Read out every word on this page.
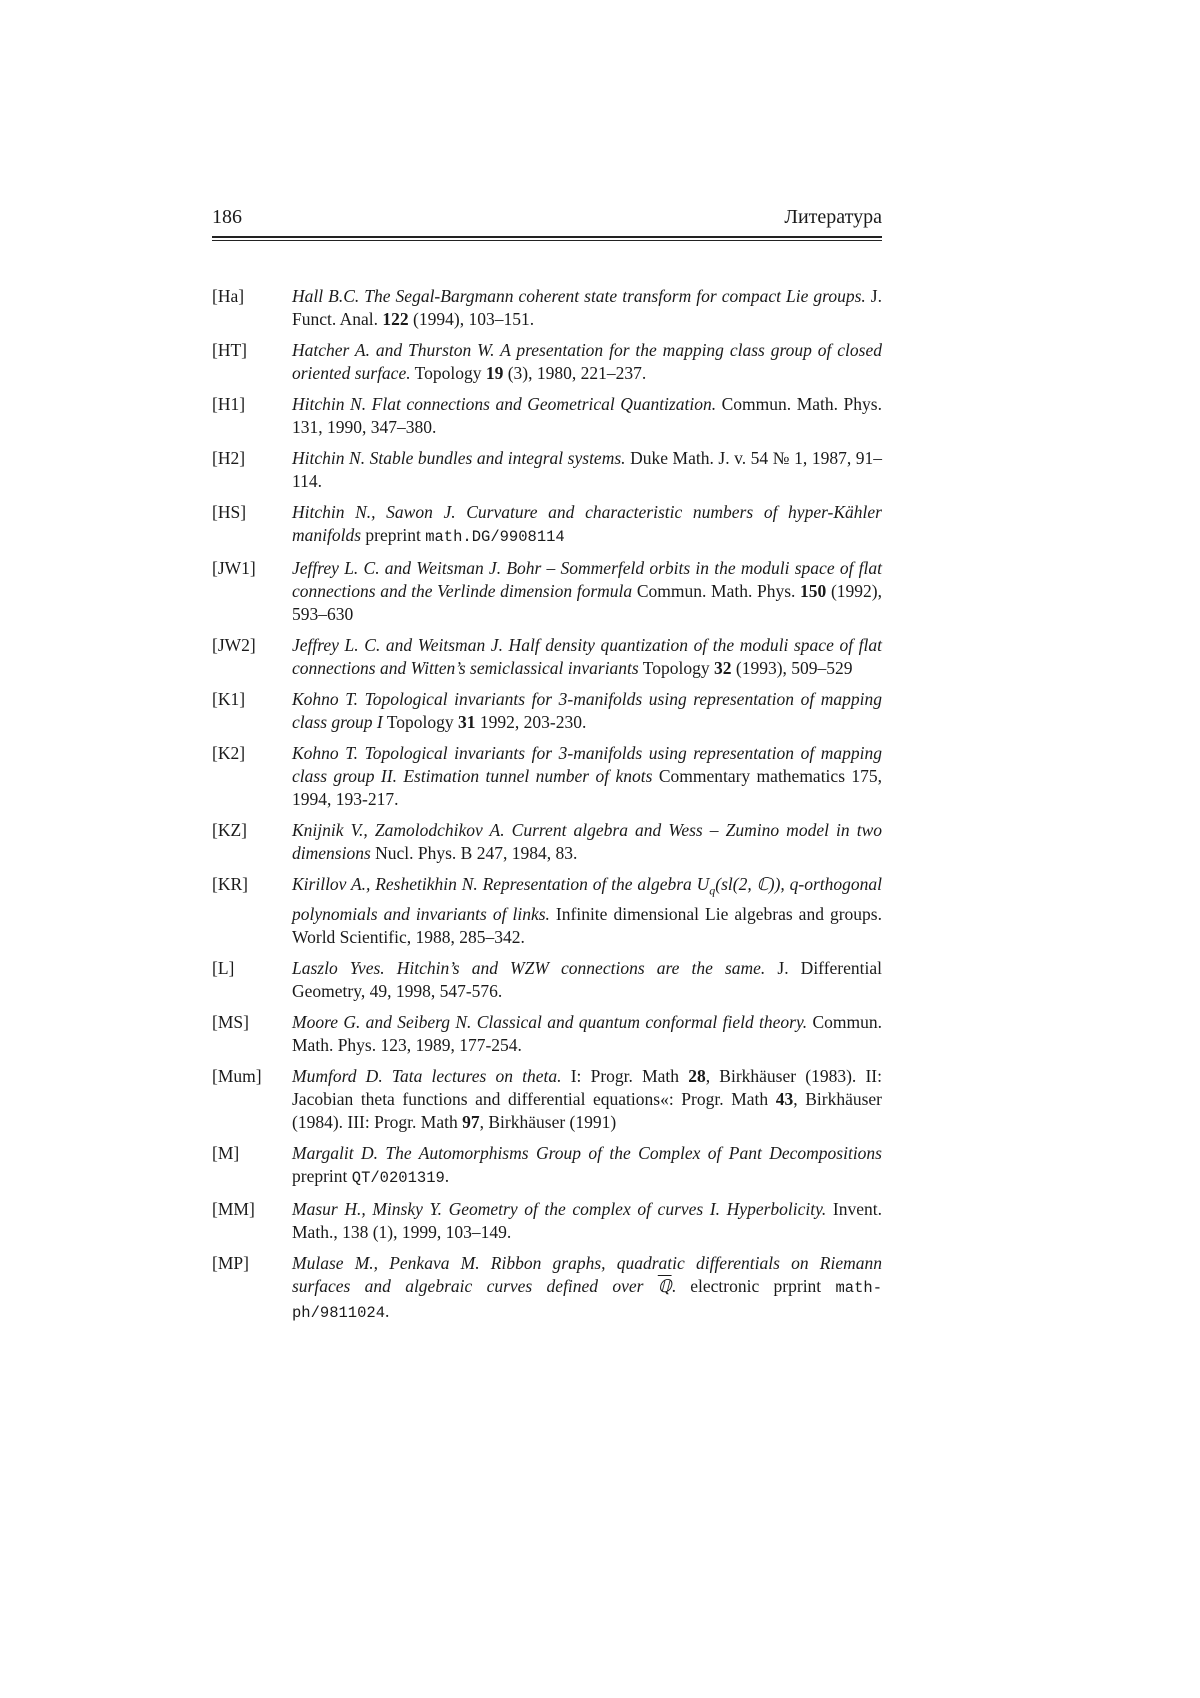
186	Литература
[Ha]	Hall B.C. The Segal-Bargmann coherent state transform for compact Lie groups. J. Funct. Anal. 122 (1994), 103–151.
[HT]	Hatcher A. and Thurston W. A presentation for the mapping class group of closed oriented surface. Topology 19 (3), 1980, 221–237.
[H1]	Hitchin N. Flat connections and Geometrical Quantization. Commun. Math. Phys. 131, 1990, 347–380.
[H2]	Hitchin N. Stable bundles and integral systems. Duke Math. J. v. 54 № 1, 1987, 91–114.
[HS]	Hitchin N., Sawon J. Curvature and characteristic numbers of hyper-Kähler manifolds preprint math.DG/9908114
[JW1]	Jeffrey L. C. and Weitsman J. Bohr – Sommerfeld orbits in the moduli space of flat connections and the Verlinde dimension formula Commun. Math. Phys. 150 (1992), 593–630
[JW2]	Jeffrey L. C. and Weitsman J. Half density quantization of the moduli space of flat connections and Witten’s semiclassical invariants Topology 32 (1993), 509–529
[K1]	Kohno T. Topological invariants for 3-manifolds using representation of mapping class group I Topology 31 1992, 203-230.
[K2]	Kohno T. Topological invariants for 3-manifolds using representation of mapping class group II. Estimation tunnel number of knots Commentary mathematics 175, 1994, 193-217.
[KZ]	Knijnik V., Zamolodchikov A. Current algebra and Wess – Zumino model in two dimensions Nucl. Phys. B 247, 1984, 83.
[KR]	Kirillov A., Reshetikhin N. Representation of the algebra $U_q(sl(2$, ℂ)), q-orthogonal polynomials and invariants of links. Infinite dimensional Lie algebras and groups. World Scientific, 1988, 285–342.
[L]	Laszlo Yves. Hitchin’s and WZW connections are the same. J. Differential Geometry, 49, 1998, 547-576.
[MS]	Moore G. and Seiberg N. Classical and quantum conformal field theory. Commun. Math. Phys. 123, 1989, 177-254.
[Mum]	Mumford D. Tata lectures on theta. I: Progr. Math 28, Birkhäuser (1983). II: Jacobian theta functions and differential equations«: Progr. Math 43, Birkhäuser (1984). III: Progr. Math 97, Birkhäuser (1991)
[M]	Margalit D. The Automorphisms Group of the Complex of Pant Decompositions preprint QT/0201319.
[MM]	Masur H., Minsky Y. Geometry of the complex of curves I. Hyperbolicity. Invent. Math., 138 (1), 1999, 103–149.
[MP]	Mulase M., Penkava M. Ribbon graphs, quadratic differentials on Riemann surfaces and algebraic curves defined over ℚ. electronic prprint math-ph/9811024.
